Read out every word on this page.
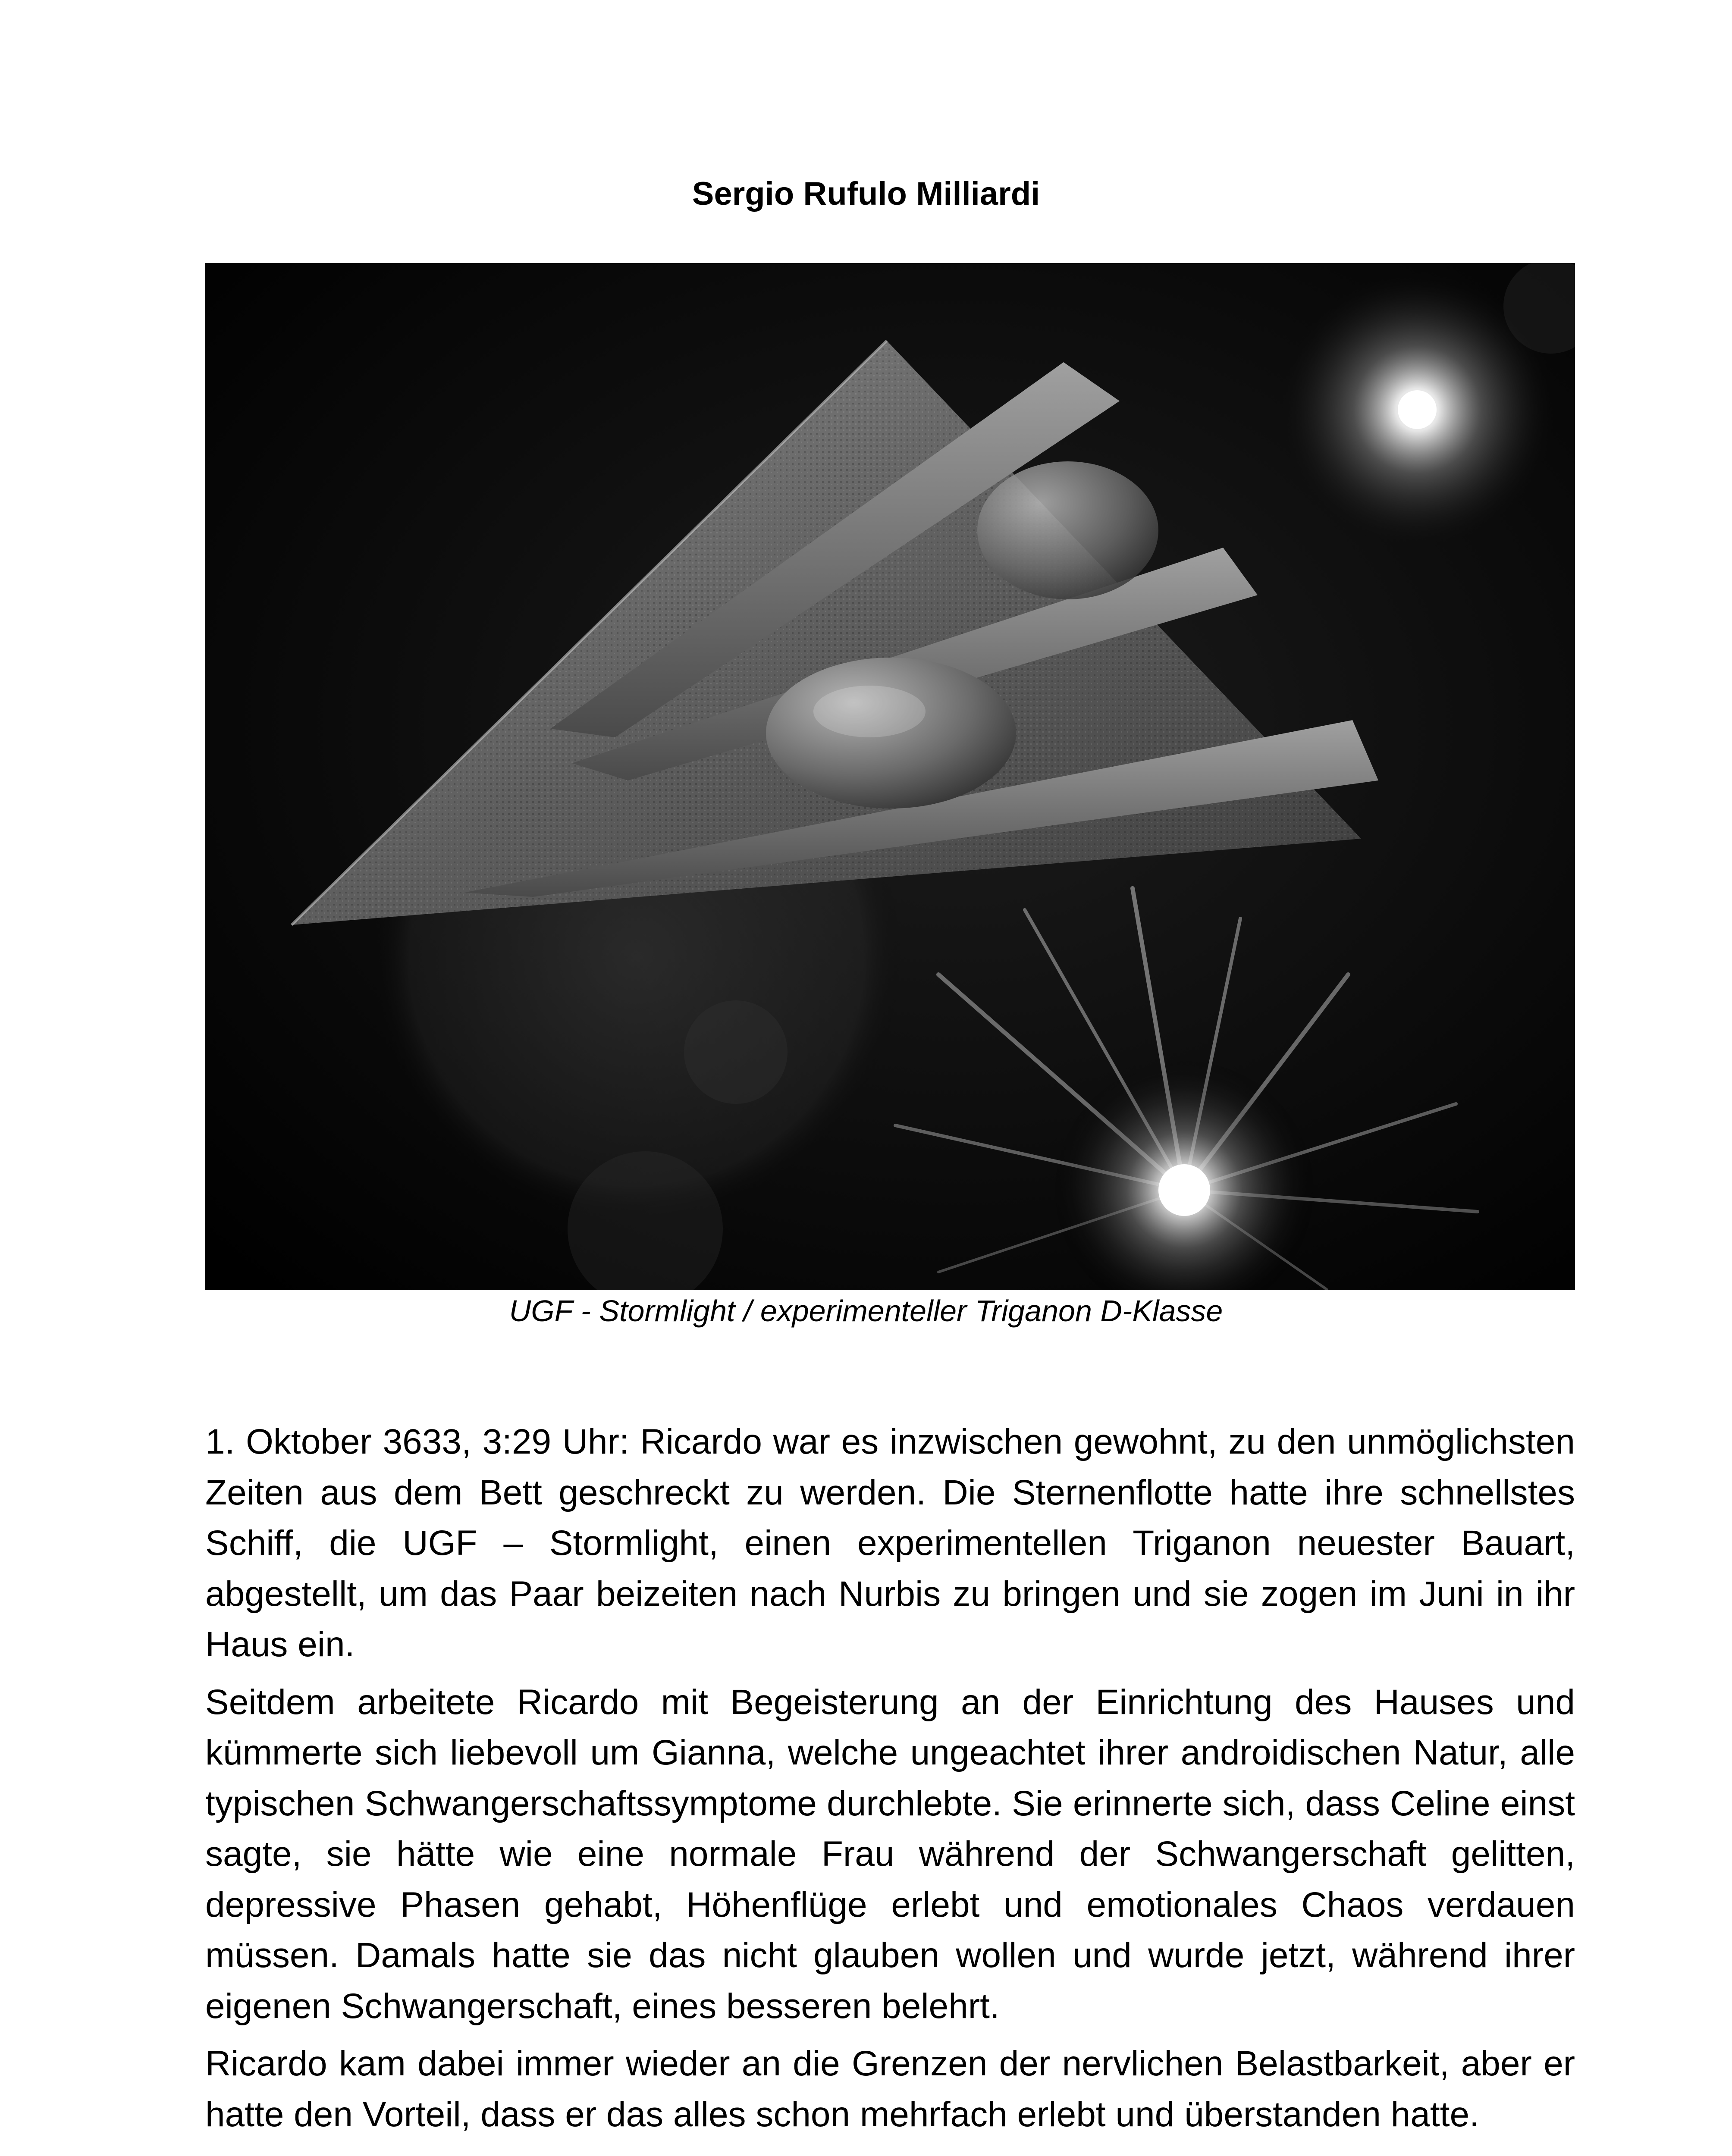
Sergio Rufulo Milliardi
UGF - Stormlight / experimenteller Triganon D-Klasse

1. Oktober 3633, 3:29 Uhr: Ricardo war es inzwischen gewohnt, zu den unmöglichsten Zeiten aus dem Bett geschreckt zu werden. Die Sternenflotte hatte ihre schnellstes Schiff, die UGF – Stormlight, einen experimentellen Triganon neuester Bauart, abgestellt, um das Paar beizeiten nach Nurbis zu bringen und sie zogen im Juni in ihr Haus ein.

Seitdem arbeitete Ricardo mit Begeisterung an der Einrichtung des Hauses und kümmerte sich liebevoll um Gianna, welche ungeachtet ihrer androidischen Natur, alle typischen Schwangerschaftssymptome durchlebte. Sie erinnerte sich, dass Celine einst sagte, sie hätte wie eine normale Frau während der Schwangerschaft gelitten, depressive Phasen gehabt, Höhenflüge erlebt und emotionales Chaos verdauen müssen. Damals hatte sie das nicht glauben wollen und wurde jetzt, während ihrer eigenen Schwangerschaft, eines besseren belehrt.

Ricardo kam dabei immer wieder an die Grenzen der nervlichen Belastbarkeit, aber er hatte den Vorteil, dass er das alles schon mehrfach erlebt und überstanden hatte.
